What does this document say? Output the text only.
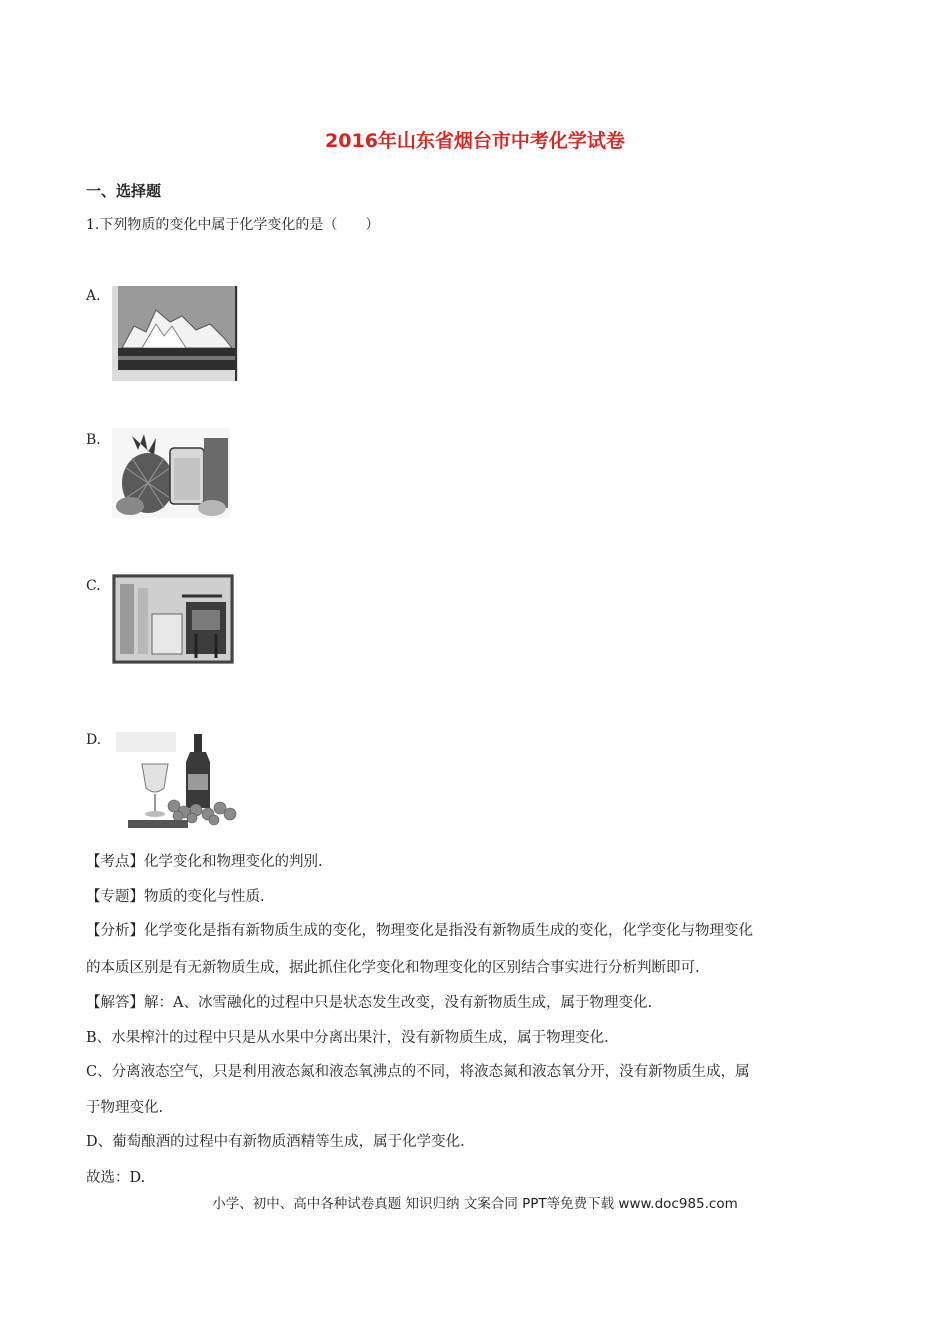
2016年山东省烟台市中考化学试卷
一、选择题
1.下列物质的变化中属于化学变化的是（　　）
A.
B.
C.
D.
【考点】化学变化和物理变化的判别.
【专题】物质的变化与性质.
【分析】化学变化是指有新物质生成的变化，物理变化是指没有新物质生成的变化，化学变化与物理变化
的本质区别是有无新物质生成，据此抓住化学变化和物理变化的区别结合事实进行分析判断即可.
【解答】解：A、冰雪融化的过程中只是状态发生改变，没有新物质生成，属于物理变化.
B、水果榨汁的过程中只是从水果中分离出果汁，没有新物质生成，属于物理变化.
C、分离液态空气，只是利用液态氮和液态氧沸点的不同，将液态氮和液态氧分开，没有新物质生成，属
于物理变化.
D、葡萄酿酒的过程中有新物质酒精等生成，属于化学变化.
故选：D.
小学、初中、高中各种试卷真题 知识归纳 文案合同 PPT等免费下载 www.doc985.com
